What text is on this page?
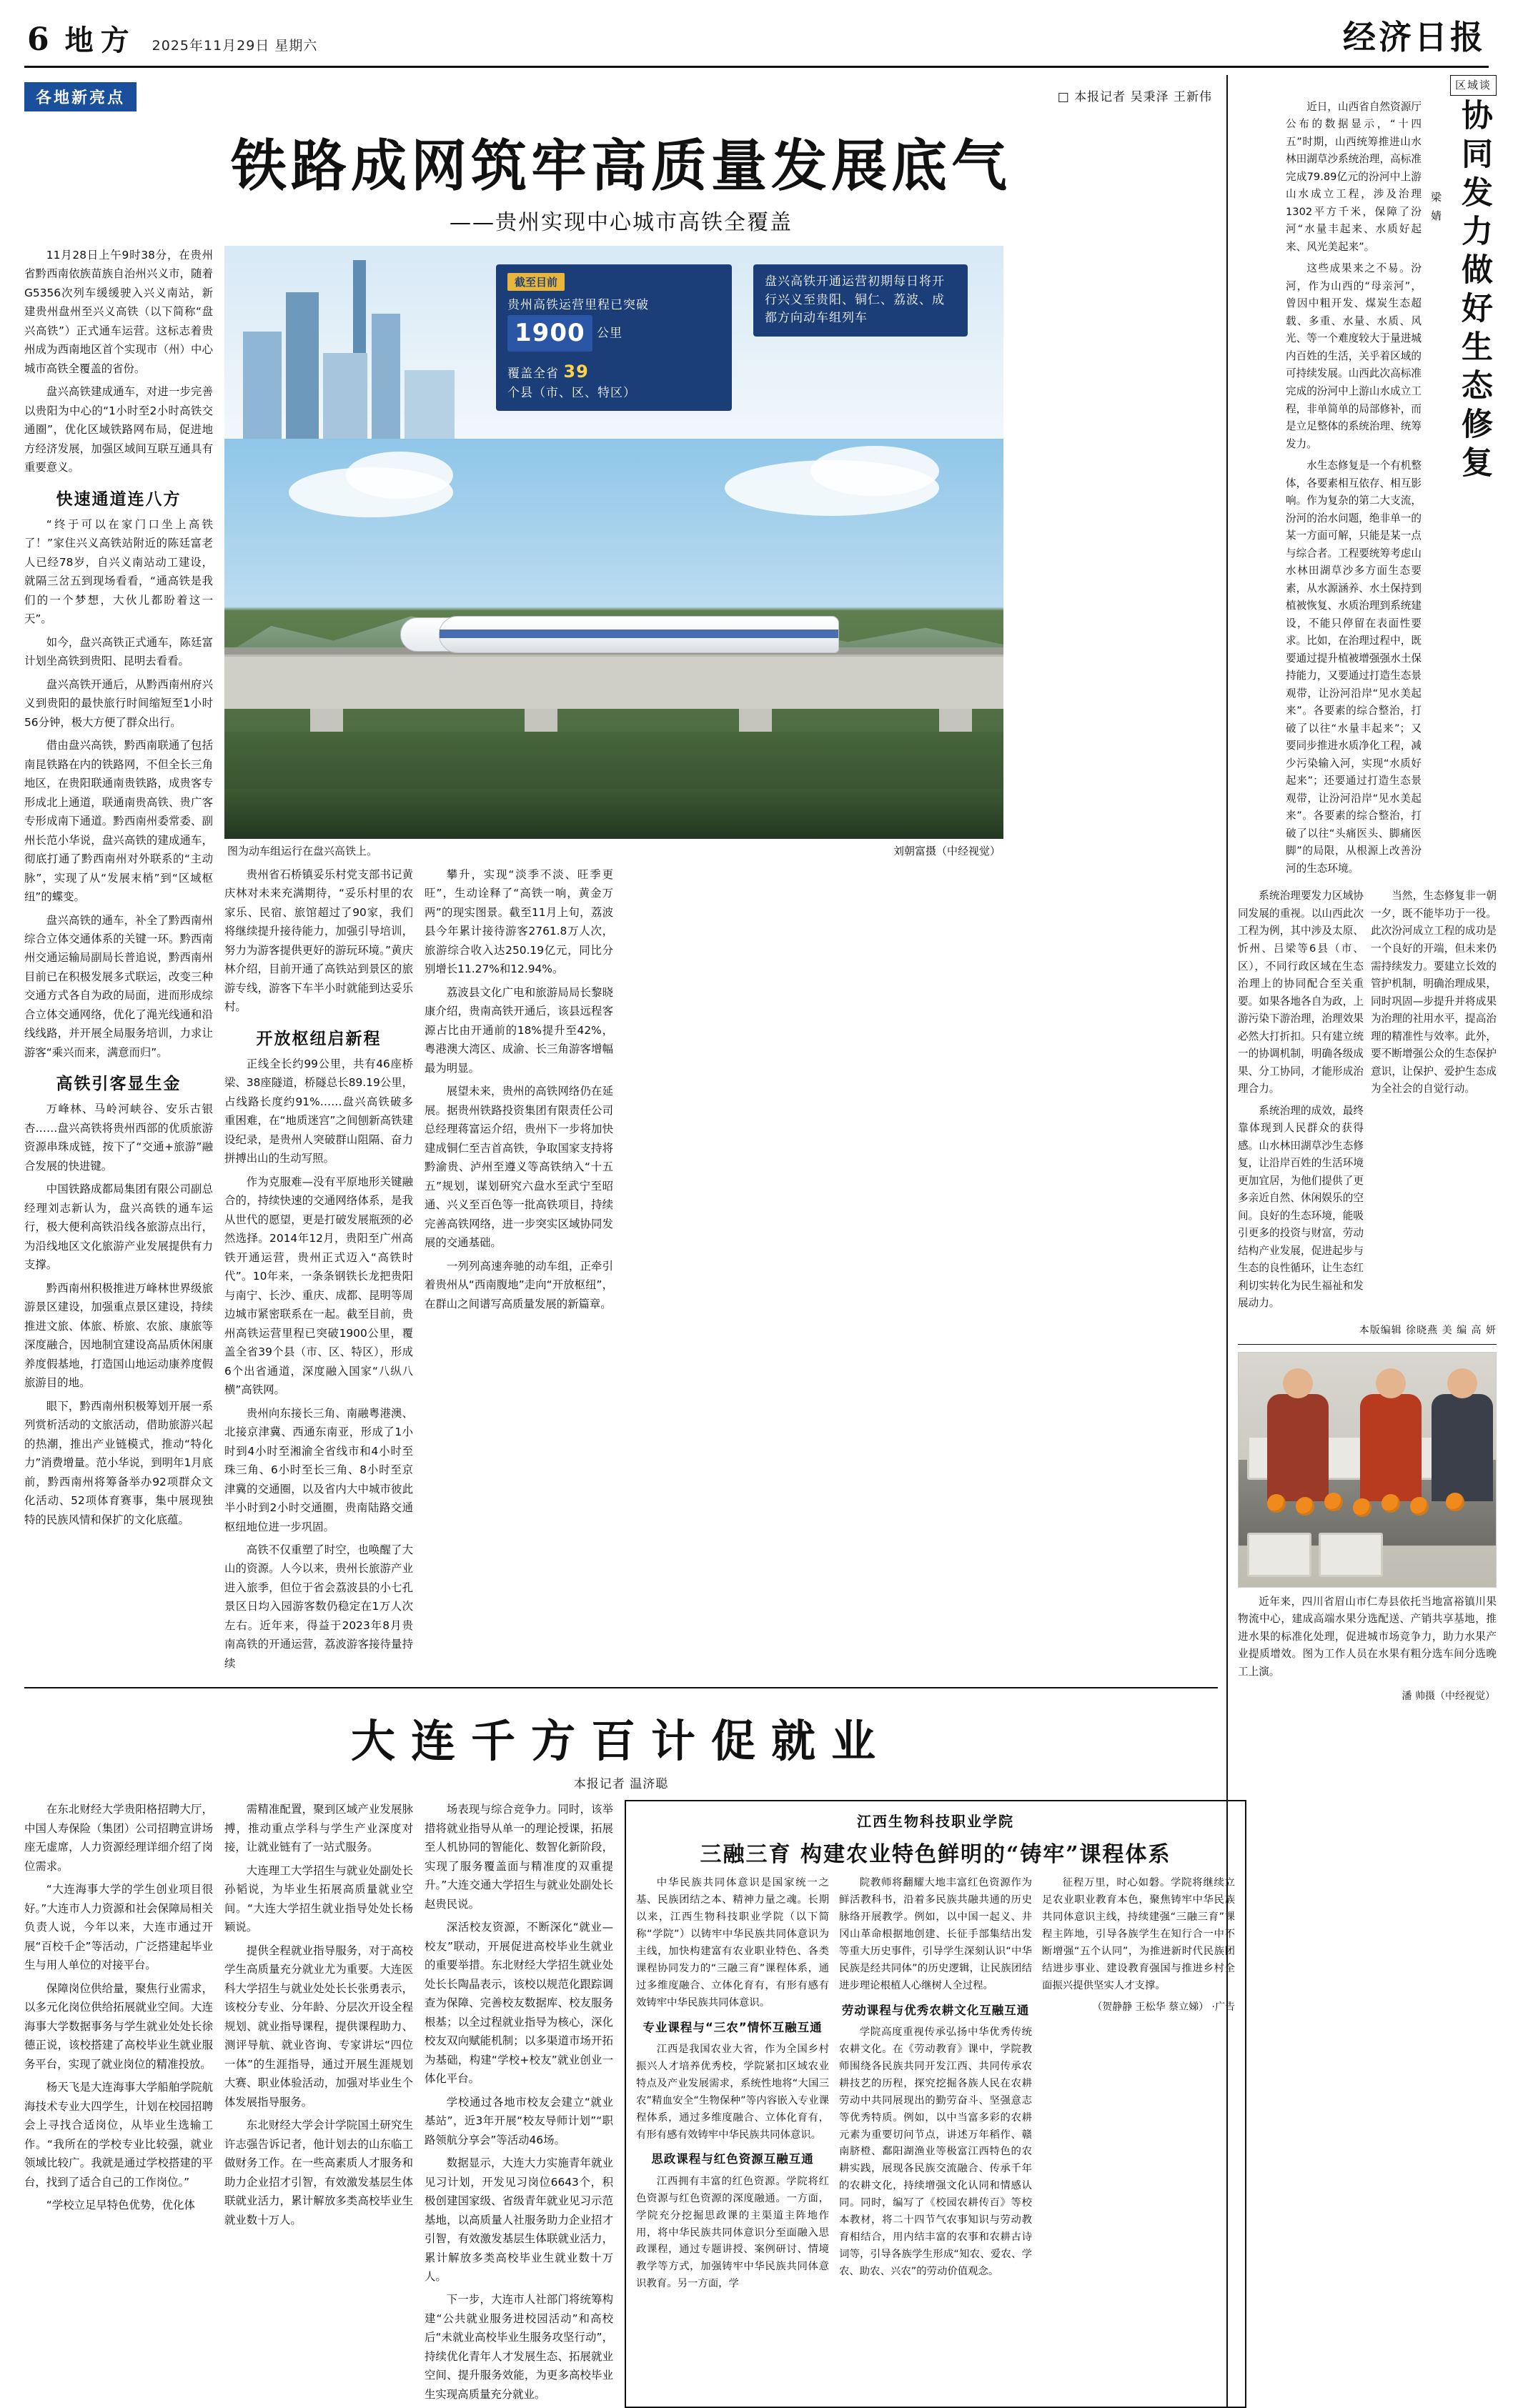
6 地方 2025年11月29日 星期六	经济日报
各地新亮点	□ 本报记者 吴秉泽 王新伟
铁路成网筑牢高质量发展底气
——贵州实现中心城市高铁全覆盖

11月28日上午9时38分，在贵州省黔西南依族苗族自治州兴义市，随着G5356次列车缓缓驶入兴义南站，新建贵州盘州至兴义高铁（以下简称“盘兴高铁”）正式通车运营。这标志着贵州成为西南地区首个实现市（州）中心城市高铁全覆盖的省份。

盘兴高铁建成通车，对进一步完善以贵阳为中心的“1小时至2小时高铁交通圈”，优化区域铁路网布局，促进地方经济发展，加强区域间互联互通具有重要意义。

快速通道连八方

“终于可以在家门口坐上高铁了！”家住兴义高铁站附近的陈廷富老人已经78岁，自兴义南站动工建设，就隔三岔五到现场看看，“通高铁是我们的一个梦想，大伙儿都盼着这一天”。

如今，盘兴高铁正式通车，陈廷富计划坐高铁到贵阳、昆明去看看。

盘兴高铁开通后，从黔西南州府兴义到贵阳的最快旅行时间缩短至1小时56分钟，极大方便了群众出行。

借由盘兴高铁，黔西南联通了包括南昆铁路在内的铁路网，不但全长三角地区，在贵阳联通南贵铁路，成贵客专形成北上通道，联通南贵高铁、贵广客专形成南下通道。黔西南州委常委、副州长范小华说，盘兴高铁的建成通车，彻底打通了黔西南州对外联系的“主动脉”，实现了从“发展末梢”到“区域枢纽”的蝶变。

盘兴高铁的通车，补全了黔西南州综合立体交通体系的关键一环。黔西南州交通运输局副局长普追说，黔西南州目前已在积极发展多式联运，改变三种交通方式各自为政的局面，进而形成综合立体交通网络，优化了渑光线通和沿线线路，并开展全局服务培训，力求让游客“乘兴而来，满意而归”。

高铁引客显生金

万峰林、马岭河峡谷、安乐古银杏……盘兴高铁将贵州西部的优质旅游资源串珠成链，按下了“交通+旅游”融合发展的快进键。

中国铁路成都局集团有限公司副总经理刘志新认为，盘兴高铁的通车运行，极大便利高铁沿线各旅游点出行，为沿线地区文化旅游产业发展提供有力支撑。

黔西南州积极推进万峰林世界级旅游景区建设，加强重点景区建设，持续推进文旅、体旅、桥旅、农旅、康旅等深度融合，因地制宜建设高品质休闲康养度假基地，打造国山地运动康养度假旅游目的地。

眼下，黔西南州积极筹划开展一系列赏析活动的文旅活动，借助旅游兴起的热潮，推出产业链模式，推动“特化力”消费增量。范小华说，到明年1月底前，黔西南州将筹备举办92项群众文化活动、52项体育赛事，集中展现独特的民族风情和保扩的文化底蕴。

截至目前
贵州高铁运营里程已突破 1900 公里
覆盖全省 39 个县（市、区、特区）
盘兴高铁开通运营初期每日将开行兴义至贵阳、铜仁、荔波、成都方向动车组列车
图为动车组运行在盘兴高铁上。	刘朝富摄（中经视觉）

贵州省石桥镇妥乐村党支部书记黄庆林对未来充满期待，“妥乐村里的农家乐、民宿、旅馆超过了90家，我们将继续提升接待能力，加强引导培训，努力为游客提供更好的游玩环境。”黄庆林介绍，目前开通了高铁站到景区的旅游专线，游客下车半小时就能到达妥乐村。

开放枢纽启新程

正线全长约99公里，共有46座桥梁、38座隧道，桥隧总长89.19公里，占线路长度约91%……盘兴高铁破多重困难，在“地质迷宫”之间刨新高铁建设纪录，是贵州人突破群山阻隔、奋力拼搏出山的生动写照。

作为克服难—没有平原地形关键融合的，持续快速的交通网络体系，是我从世代的愿望，更是打破发展瓶颈的必然选择。2014年12月，贵阳至广州高铁开通运营，贵州正式迈入“高铁时代”。10年来，一条条钢铁长龙把贵阳与南宁、长沙、重庆、成都、昆明等周边城市紧密联系在一起。截至目前，贵州高铁运营里程已突破1900公里，覆盖全省39个县（市、区、特区），形成6个出省通道，深度融入国家“八纵八横”高铁网。

贵州向东接长三角、南融粤港澳、北接京津冀、西通东南亚，形成了1小时到4小时至湘渝全省线市和4小时至珠三角、6小时至长三角、8小时至京津冀的交通圈，以及省内大中城市彼此半小时到2小时交通圈，贵南陆路交通枢纽地位进一步巩固。

高铁不仅重塑了时空，也唤醒了大山的资源。人今以来，贵州长旅游产业进入旅季，但位于省会荔波县的小七孔景区日均入园游客数仍稳定在1万人次左右。近年来，得益于2023年8月贵南高铁的开通运营，荔波游客接待量持续

攀升，实现“淡季不淡、旺季更旺”，生动诠释了“高铁一响，黄金万两”的现实图景。截至11月上旬，荔波县今年累计接待游客2761.8万人次，旅游综合收入达250.19亿元，同比分别增长11.27%和12.94%。

荔波县文化广电和旅游局局长黎晓康介绍，贵南高铁开通后，该县远程客源占比由开通前的18%提升至42%，粤港澳大湾区、成渝、长三角游客增幅最为明显。

展望未来，贵州的高铁网络仍在延展。据贵州铁路投资集团有限责任公司总经理蒋富运介绍，贵州下一步将加快建成铜仁至吉首高铁，争取国家支持将黔渝贵、泸州至遵义等高铁纳入“十五五”规划，谋划研究六盘水至武宁至昭通、兴义至百色等一批高铁项目，持续完善高铁网络，进一步突实区域协同发展的交通基础。

一列列高速奔驰的动车组，正牵引着贵州从“西南腹地”走向“开放枢纽”，在群山之间谱写高质量发展的新篇章。

大连千方百计促就业
本报记者 温济聪

在东北财经大学贵阳格招聘大厅，中国人寿保险（集团）公司招聘宣讲场座无虚席，人力资源经理详细介绍了岗位需求。

“大连海事大学的学生创业项目很好。”大连市人力资源和社会保障局相关负责人说，今年以来，大连市通过开展“百校千企”等活动，广泛搭建起毕业生与用人单位的对接平台。

保障岗位供给量，聚焦行业需求，以多元化岗位供给拓展就业空间。大连海事大学数据事务与学生就业处处长徐德正说，该校搭建了高校毕业生就业服务平台，实现了就业岗位的精准投放。

杨天飞是大连海事大学船舶学院航海技术专业大四学生，计划在校园招聘会上寻找合适岗位，从毕业生选输工作。“我所在的学校专业比较强，就业领域比较广。我就是通过学校搭建的平台，找到了适合自己的工作岗位。”

“学校立足早特色优势，优化体

需精准配置，聚到区域产业发展脉搏，推动重点学科与学生产业深度对接，让就业链有了一站式服务。

大连理工大学招生与就业处副处长孙韬说，为毕业生拓展高质量就业空间。“大连大学招生就业指导处处长杨颖说。

提供全程就业指导服务，对于高校学生高质量充分就业尤为重要。大连医科大学招生与就业处处长长张勇表示，该校分专业、分年龄、分层次开设全程规划、就业指导课程，提供课程助力、测评导航、就业咨询、专家讲坛“四位一体”的生涯指导，通过开展生涯规划大赛、职业体验活动，加强对毕业生个体发展指导服务。

东北财经大学会计学院国土研究生许志强告诉记者，他计划去的山东临工做财务工作。在一些高素质人才服务和助力企业招才引智，有效激发基层生体联就业活力，累计解放多类高校毕业生就业数十万人。

场表现与综合竞争力。同时，该举措将就业指导从单一的理论授课，拓展至人机协同的智能化、数智化新阶段，实现了服务覆盖面与精准度的双重提升。”大连交通大学招生与就业处副处长赵贵民说。

深活校友资源，不断深化“就业—校友”联动，开展促进高校毕业生就业的重要举措。东北财经大学招生就业处处长长陶晶表示，该校以规范化跟踪调查为保障、完善校友数据库、校友服务根基；以全过程就业指导为核心，深化校友双向赋能机制；以多渠道市场开拓为基础，构建“学校+校友”就业创业一体化平台。

学校通过各地市校友会建立“就业基站”，近3年开展“校友导师计划”“职路领航分享会”等活动46场。

数据显示，大连大力实施青年就业见习计划，开发见习岗位6643个，积极创建国家级、省级青年就业见习示范基地，以高质量人社服务助力企业招才引智，有效激发基层生体联就业活力，累计解放多类高校毕业生就业数十万人。

下一步，大连市人社部门将统筹构建“公共就业服务进校园活动”和高校后“未就业高校毕业生服务攻坚行动”，持续优化青年人才发展生态、拓展就业空间、提升服务效能，为更多高校毕业生实现高质量充分就业。

江西生物科技职业学院
三融三育 构建农业特色鲜明的“铸牢”课程体系

中华民族共同体意识是国家统一之基、民族团结之本、精神力量之魂。长期以来，江西生物科技职业学院（以下简称“学院”）以铸牢中华民族共同体意识为主线，加快构建富有农业职业特色、各类课程协同发力的“三融三育”课程体系，通过多维度融合、立体化育有，有形有感有效铸牢中华民族共同体意识。

专业课程与“三农”情怀互融互通

江西是我国农业大省，作为全国乡村振兴人才培养优秀校，学院紧扣区域农业特点及产业发展需求，系统性地将“大国三农”精血安全“生物保种”等内容嵌入专业课程体系，通过多维度融合、立体化育有，有形有感有效铸牢中华民族共同体意识。

思政课程与红色资源互融互通

江西拥有丰富的红色资源。学院将红色资源与红色资源的深度融通。一方面，学院充分挖掘思政课的主渠道主阵地作用，将中华民族共同体意识分至面融入思政课程，通过专题讲授、案例研讨、情境教学等方式，加强铸牢中华民族共同体意识教育。另一方面，学

院教师将翻耀大地丰富红色资源作为鲜活教科书，沿着多民族共融共通的历史脉络开展教学。例如，以中国一起义、井冈山革命根据地创建、长征手部集结出发等重大历史事件，引导学生深刻认识“中华民族是经共同体”的历史逻辑，让民族团结进步理论根植人心继树人全过程。

劳动课程与优秀农耕文化互融互通

学院高度重视传承弘扬中华优秀传统农耕文化。在《劳动教育》课中，学院教师围绕各民族共同开发江西、共同传承农耕技艺的历程，探究挖掘各族人民在农耕劳动中共同展现出的勤劳奋斗、坚强意志等优秀特质。例如，以中当富多彩的农耕元素为重要切问节点，讲述万年稻作、赣南脐橙、鄱阳湖渔业等极富江西特色的农耕实践，展现各民族交流融合、传承千年的农耕文化，持续增强文化认同和情感认同。同时，编写了《校园农耕传百》等校本教材，将二十四节气农事知识与劳动教育相结合，用内结丰富的农事和农耕古诗词等，引导各族学生形成“知农、爱农、学农、助农、兴农”的劳动价值观念。

征程万里，时心如磐。学院将继续立足农业职业教育本色，聚焦铸牢中华民族共同体意识主线，持续建强“三融三育”课程主阵地，引导各族学生在知行合一中不断增强“五个认同”，为推进新时代民族团结进步事业、建设教育强国与推进乡村全面振兴提供坚实人才支撑。

（贺静静 王松华 蔡立娣） ·广告
区域谈
协同发力做好生态修复
梁 婧

近日，山西省自然资源厅公布的数据显示，“十四五”时期，山西统筹推进山水林田湖草沙系统治理，高标准完成79.89亿元的汾河中上游山水成立工程，涉及治理1302平方千米，保障了汾河“水量丰起来、水质好起来、风光美起来”。

这些成果来之不易。汾河，作为山西的“母亲河”，曾因中粗开发、煤炭生态超载、多重、水量、水质、风光、等一个难度较大于量进城内百姓的生活，关乎着区域的可持续发展。山西此次高标准完成的汾河中上游山水成立工程，非单简单的局部修补，而是立足整体的系统治理、统筹发力。

水生态修复是一个有机整体，各要素相互依存、相互影响。作为复杂的第二大支流，汾河的治水问题，绝非单一的某一方面可解，只能是某一点与综合者。工程要统筹考虑山水林田湖草沙多方面生态要素，从水源涵养、水土保持到植被恢复、水质治理到系统建设，不能只停留在表面性要求。比如，在治理过程中，既要通过提升植被增强强水土保持能力，又要通过打造生态景观带，让汾河沿岸“见水美起来”。各要素的综合整治，打破了以往“水量丰起来”；又要同步推进水质净化工程，减少污染输入河，实现“水质好起来”；还要通过打造生态景观带，让汾河沿岸“见水美起来”。各要素的综合整治，打破了以往“头痛医头、脚痛医脚”的局限，从根源上改善汾河的生态环境。

系统治理要发力区域协同发展的重视。以山西此次工程为例，其中涉及太原、忻州、吕梁等6县（市、区），不同行政区域在生态治理上的协同配合至关重要。如果各地各自为政，上游污染下游治理，治理效果必然大打折扣。只有建立统一的协调机制，明确各级成果、分工协同，才能形成治理合力。

系统治理的成效，最终靠体现到人民群众的获得感。山水林田湖草沙生态修复，让沿岸百姓的生活环境更加宜居，为他们提供了更多亲近自然、休闲娱乐的空间。良好的生态环境，能吸引更多的投资与财富，劳动结构产业发展，促进起步与生态的良性循环，让生态红利切实转化为民生福祉和发展动力。

当然，生态修复非一朝一夕，既不能毕功于一役。此次汾河成立工程的成功是一个良好的开端，但未来仍需持续发力。要建立长效的管护机制，明确治理成果，同时巩固—步提升并将成果为治理的社用水平，提高治理的精准性与效率。此外，要不断增强公众的生态保护意识，让保护、爱护生态成为全社会的自觉行动。

本版编辑 徐晓燕 美 编 高 妍

近年来，四川省眉山市仁寿县依托当地富裕镇川果物流中心，建成高端水果分选配送、产销共享基地，推进水果的标准化处理，促进城市场竞争力，助力水果产业提质增效。图为工作人员在水果有粗分选车间分选晚工上演。

潘 帅摄（中经视觉）
